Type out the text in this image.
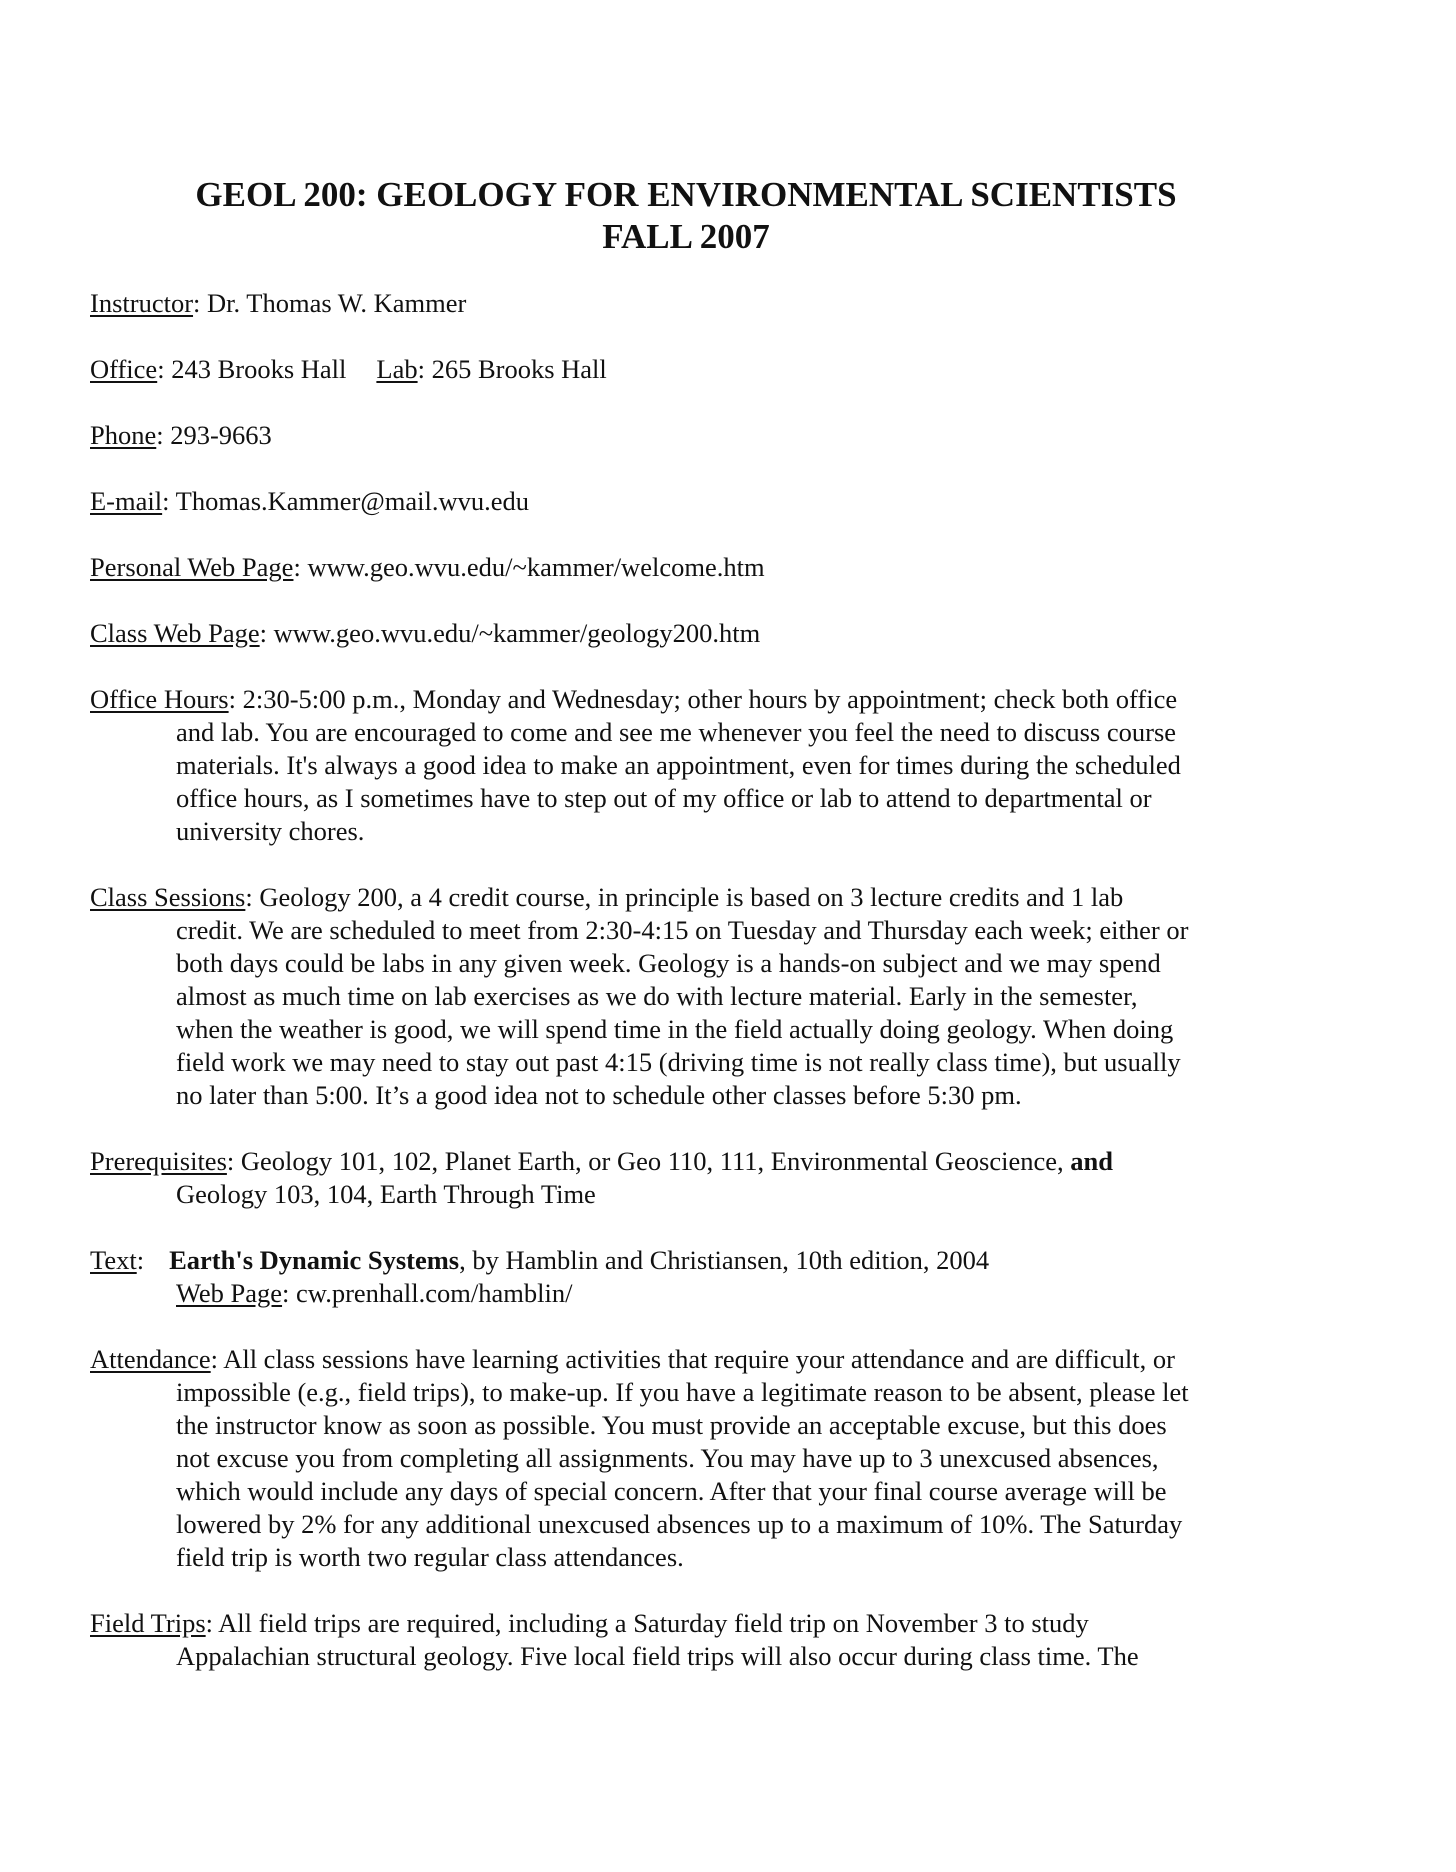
GEOL 200: GEOLOGY FOR ENVIRONMENTAL SCIENTISTS
FALL 2007
Instructor: Dr. Thomas W. Kammer
Office: 243 Brooks Hall Lab: 265 Brooks Hall
Phone: 293-9663
E-mail: Thomas.Kammer@mail.wvu.edu
Personal Web Page: www.geo.wvu.edu/~kammer/welcome.htm
Class Web Page: www.geo.wvu.edu/~kammer/geology200.htm
Office Hours: 2:30-5:00 p.m., Monday and Wednesday; other hours by appointment; check both office
and lab. You are encouraged to come and see me whenever you feel the need to discuss course
materials. It's always a good idea to make an appointment, even for times during the scheduled
office hours, as I sometimes have to step out of my office or lab to attend to departmental or
university chores.
Class Sessions: Geology 200, a 4 credit course, in principle is based on 3 lecture credits and 1 lab
credit. We are scheduled to meet from 2:30-4:15 on Tuesday and Thursday each week; either or
both days could be labs in any given week. Geology is a hands-on subject and we may spend
almost as much time on lab exercises as we do with lecture material. Early in the semester,
when the weather is good, we will spend time in the field actually doing geology. When doing
field work we may need to stay out past 4:15 (driving time is not really class time), but usually
no later than 5:00. It’s a good idea not to schedule other classes before 5:30 pm.
Prerequisites: Geology 101, 102, Planet Earth, or Geo 110, 111, Environmental Geoscience, and
Geology 103, 104, Earth Through Time
Text: Earth's Dynamic Systems, by Hamblin and Christiansen, 10th edition, 2004
Web Page: cw.prenhall.com/hamblin/
Attendance: All class sessions have learning activities that require your attendance and are difficult, or
impossible (e.g., field trips), to make-up. If you have a legitimate reason to be absent, please let
the instructor know as soon as possible. You must provide an acceptable excuse, but this does
not excuse you from completing all assignments. You may have up to 3 unexcused absences,
which would include any days of special concern. After that your final course average will be
lowered by 2% for any additional unexcused absences up to a maximum of 10%. The Saturday
field trip is worth two regular class attendances.
Field Trips: All field trips are required, including a Saturday field trip on November 3 to study
Appalachian structural geology. Five local field trips will also occur during class time. The
